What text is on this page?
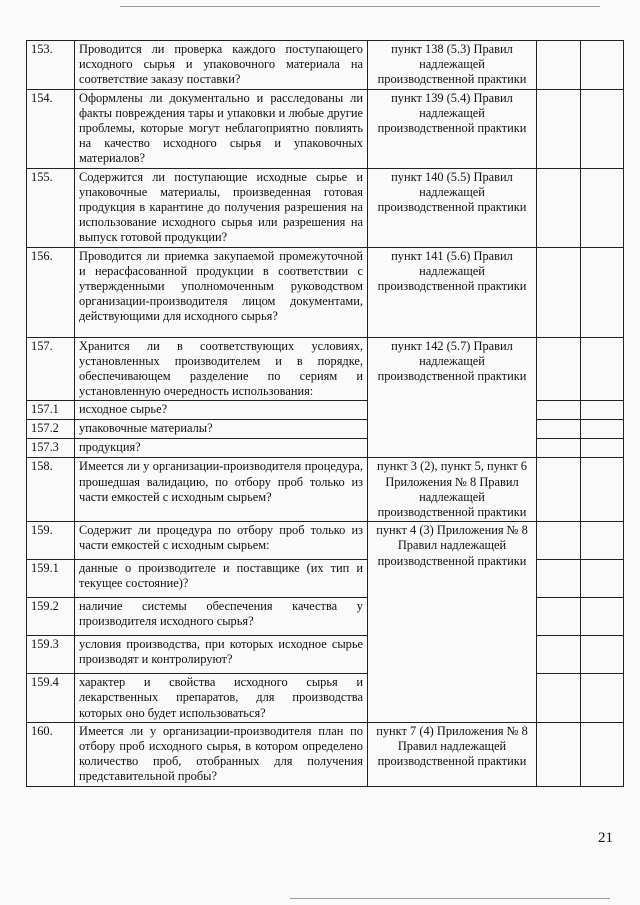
153.	Проводится ли проверка каждого поступающего исходного сырья и упаковочного материала на соответствие заказу поставки?	пункт 138 (5.3) Правил надлежащей производственной практики		
154.	Оформлены ли документально и расследованы ли факты повреждения тары и упаковки и любые другие проблемы, которые могут неблагоприятно повлиять на качество исходного сырья и упаковочных материалов?	пункт 139 (5.4) Правил надлежащей производственной практики		
155.	Содержится ли поступающие исходные сырье и упаковочные материалы, произведенная готовая продукция в карантине до получения разрешения на использование исходного сырья или разрешения на выпуск готовой продукции?	пункт 140 (5.5) Правил надлежащей производственной практики		
156.	Проводится ли приемка закупаемой промежуточной и нерасфасованной продукции в соответствии с утвержденными уполномоченным руководством организации-производителя лицом документами, действующими для исходного сырья?	пункт 141 (5.6) Правил надлежащей производственной практики		
157.	Хранится ли в соответствующих условиях, установленных производителем и в порядке, обеспечивающем разделение по сериям и установленную очередность использования:	пункт 142 (5.7) Правил надлежащей производственной практики		
157.1	исходное сырье?			
157.2	упаковочные материалы?			
157.3	продукция?			
158.	Имеется ли у организации-производителя процедура, прошедшая валидацию, по отбору проб только из части емкостей с исходным сырьем?	пункт 3 (2), пункт 5, пункт 6 Приложения № 8 Правил надлежащей производственной практики		
159.	Содержит ли процедура по отбору проб только из части емкостей с исходным сырьем:	пункт 4 (3) Приложения № 8 Правил надлежащей производственной практики		
159.1	данные о производителе и поставщике (их тип и текущее состояние)?			
159.2	наличие системы обеспечения качества у производителя исходного сырья?			
159.3	условия производства, при которых исходное сырье производят и контролируют?			
159.4	характер и свойства исходного сырья и лекарственных препаратов, для производства которых оно будет использоваться?			
160.	Имеется ли у организации-производителя план по отбору проб исходного сырья, в котором определено количество проб, отобранных для получения представительной пробы?	пункт 7 (4) Приложения № 8 Правил надлежащей производственной практики		
21
